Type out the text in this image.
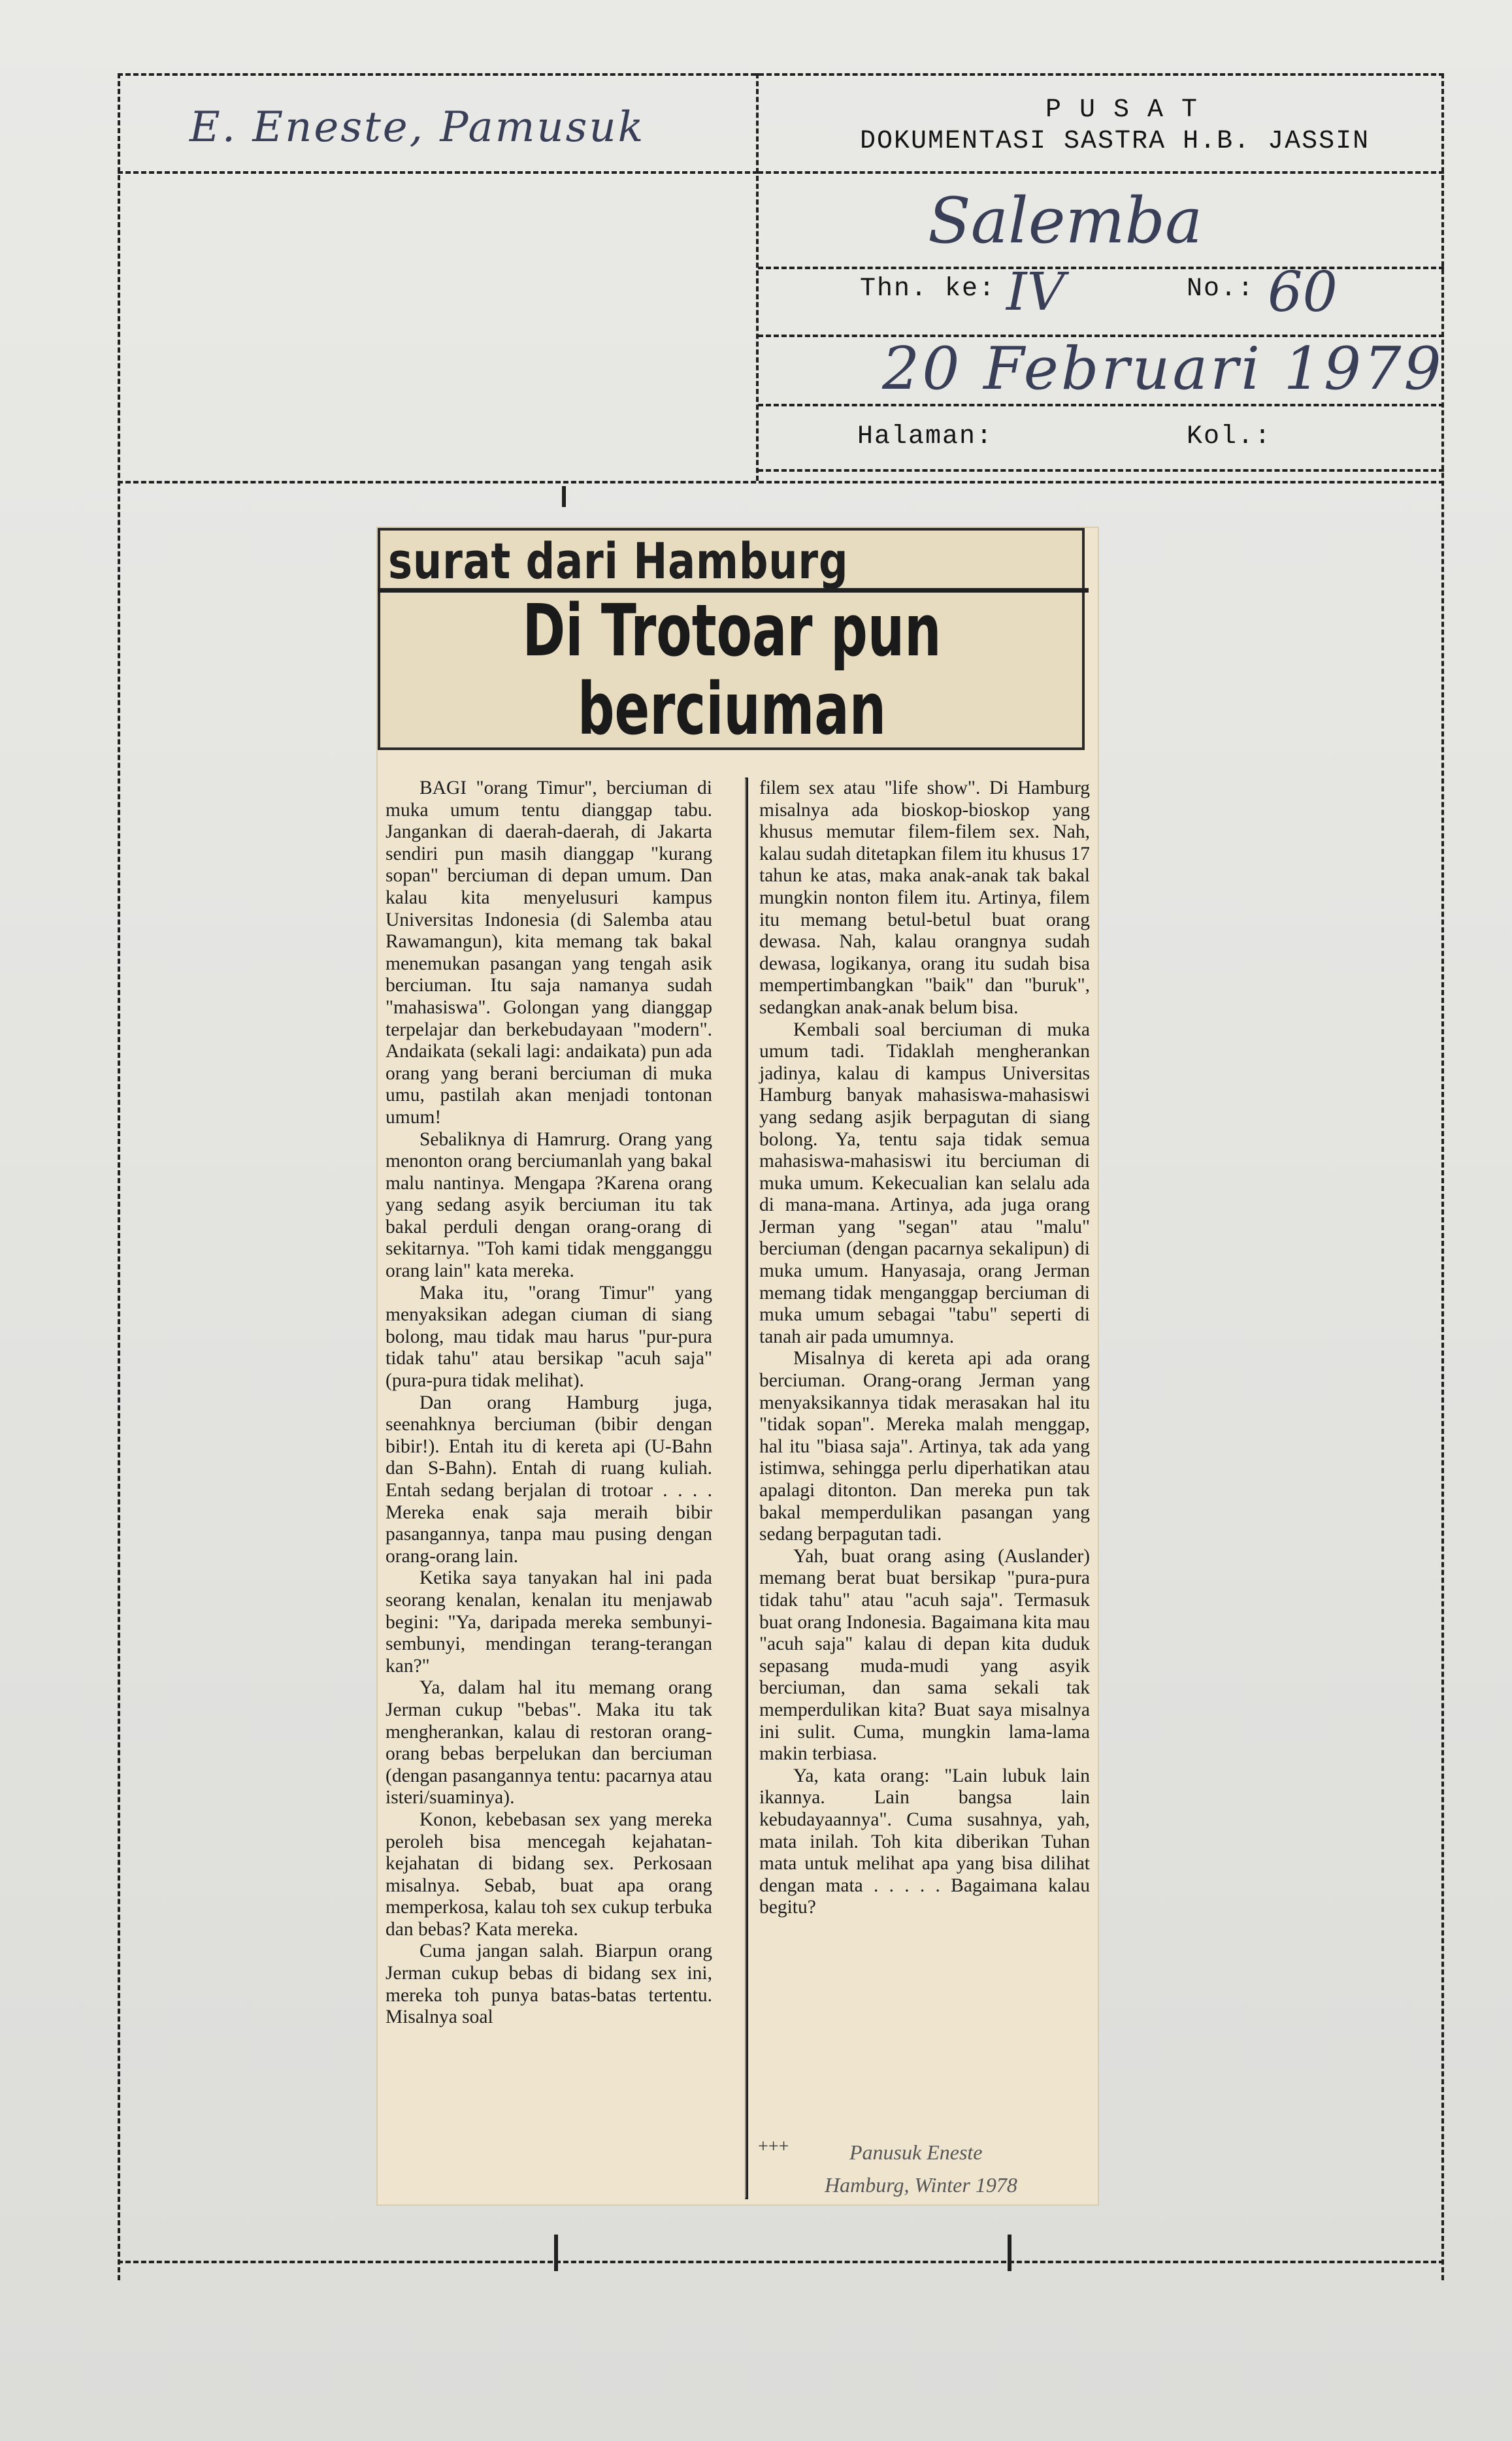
E. Eneste, Pamusuk	P U S A T
DOKUMENTASI SASTRA H.B. JASSIN
Salemba
Thn. ke: IV	No.: 60
20 Februari 1979
Halaman:	Kol.:
surat dari Hamburg
Di Trotoar pun
berciuman

BAGI "orang Timur", berciuman di muka umum tentu dianggap tabu. Jangankan di daerah-daerah, di Jakarta sendiri pun masih dianggap "kurang sopan" berciuman di depan umum. Dan kalau kita menyelusuri kampus Universitas Indonesia (di Salemba atau Rawamangun), kita memang tak bakal menemukan pasangan yang tengah asik berciuman. Itu saja namanya sudah "mahasiswa". Golongan yang dianggap terpelajar dan berkebudayaan "modern". Andaikata (sekali lagi: andaikata) pun ada orang yang berani berciuman di muka umu, pastilah akan menjadi tontonan umum!

Sebaliknya di Hamrurg. Orang yang menonton orang berciumanlah yang bakal malu nantinya. Mengapa ?Karena orang yang sedang asyik berciuman itu tak bakal perduli dengan orang-orang di sekitarnya. "Toh kami tidak mengganggu orang lain" kata mereka.

Maka itu, "orang Timur" yang menyaksikan adegan ciuman di siang bolong, mau tidak mau harus "pur-pura tidak tahu" atau bersikap "acuh saja" (pura-pura tidak melihat).

Dan orang Hamburg juga, seenahknya berciuman (bibir dengan bibir!). Entah itu di kereta api (U-Bahn dan S-Bahn). Entah di ruang kuliah. Entah sedang berjalan di trotoar . . . . Mereka enak saja meraih bibir pasangannya, tanpa mau pusing dengan orang-orang lain.

Ketika saya tanyakan hal ini pada seorang kenalan, kenalan itu menjawab begini: "Ya, daripada mereka sembunyi-sembunyi, mendingan terang-terangan kan?"

Ya, dalam hal itu memang orang Jerman cukup "bebas". Maka itu tak mengherankan, kalau di restoran orang-orang bebas berpelukan dan berciuman (dengan pasangannya tentu: pacarnya atau isteri/suaminya).

Konon, kebebasan sex yang mereka peroleh bisa mencegah kejahatan-kejahatan di bidang sex. Perkosaan misalnya. Sebab, buat apa orang memperkosa, kalau toh sex cukup terbuka dan bebas? Kata mereka.

Cuma jangan salah. Biarpun orang Jerman cukup bebas di bidang sex ini, mereka toh punya batas-batas tertentu. Misalnya soal

filem sex atau "life show". Di Hamburg misalnya ada bioskop-bioskop yang khusus memutar filem-filem sex. Nah, kalau sudah ditetapkan filem itu khusus 17 tahun ke atas, maka anak-anak tak bakal mungkin nonton filem itu. Artinya, filem itu memang betul-betul buat orang dewasa. Nah, kalau orangnya sudah dewasa, logikanya, orang itu sudah bisa mempertimbangkan "baik" dan "buruk", sedangkan anak-anak belum bisa.

Kembali soal berciuman di muka umum tadi. Tidaklah mengherankan jadinya, kalau di kampus Universitas Hamburg banyak mahasiswa-mahasiswi yang sedang asjik berpagutan di siang bolong. Ya, tentu saja tidak semua mahasiswa-mahasiswi itu berciuman di muka umum. Kekecualian kan selalu ada di mana-mana. Artinya, ada juga orang Jerman yang "segan" atau "malu" berciuman (dengan pacarnya sekalipun) di muka umum. Hanyasaja, orang Jerman memang tidak menganggap berciuman di muka umum sebagai "tabu" seperti di tanah air pada umumnya.

Misalnya di kereta api ada orang berciuman. Orang-orang Jerman yang menyaksikannya tidak merasakan hal itu "tidak sopan". Mereka malah menggap, hal itu "biasa saja". Artinya, tak ada yang istimwa, sehingga perlu diperhatikan atau apalagi ditonton. Dan mereka pun tak bakal memperdulikan pasangan yang sedang berpagutan tadi.

Yah, buat orang asing (Auslander) memang berat buat bersikap "pura-pura tidak tahu" atau "acuh saja". Termasuk buat orang Indonesia. Bagaimana kita mau "acuh saja" kalau di depan kita duduk sepasang muda-mudi yang asyik berciuman, dan sama sekali tak memperdulikan kita? Buat saya misalnya ini sulit. Cuma, mungkin lama-lama makin terbiasa.

Ya, kata orang: "Lain lubuk lain ikannya. Lain bangsa lain kebudayaannya". Cuma susahnya, yah, mata inilah. Toh kita diberikan Tuhan mata untuk melihat apa yang bisa dilihat dengan mata . . . . . Bagaimana kalau begitu?

+++	Panusuk Eneste
Hamburg, Winter 1978
